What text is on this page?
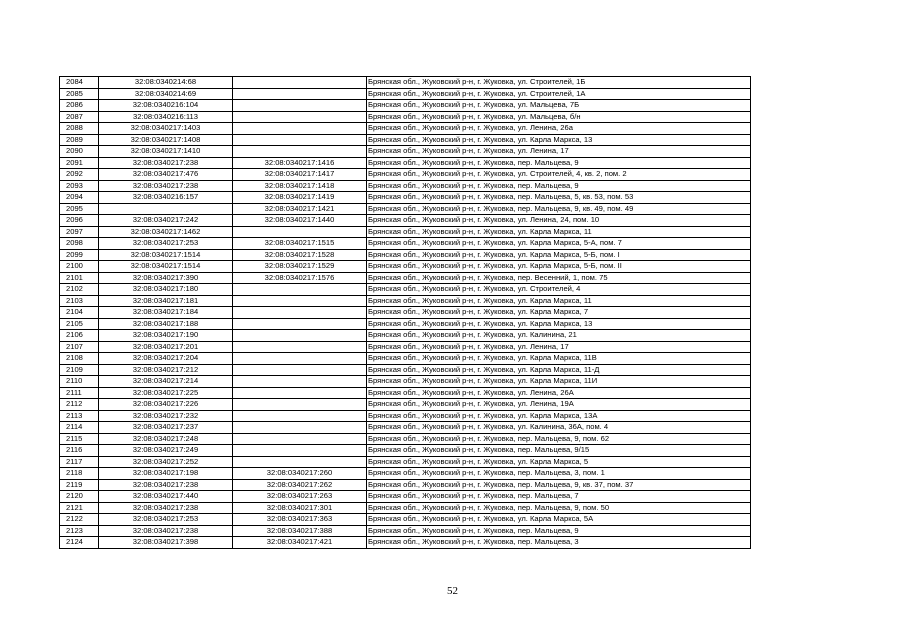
2084	32:08:0340214:68		Брянская обл., Жуковский р-н, г. Жуковка, ул. Строителей, 1Б
2085	32:08:0340214:69		Брянская обл., Жуковский р-н, г. Жуковка, ул. Строителей, 1А
2086	32:08:0340216:104		Брянская обл., Жуковский р-н, г. Жуковка, ул. Мальцева, 7Б
2087	32:08:0340216:113		Брянская обл., Жуковский р-н, г. Жуковка, ул. Мальцева, б/н
2088	32:08:0340217:1403		Брянская обл., Жуковский р-н, г. Жуковка, ул. Ленина, 26а
2089	32:08:0340217:1408		Брянская обл., Жуковский р-н, г. Жуковка, ул. Карла Маркса, 13
2090	32:08:0340217:1410		Брянская обл., Жуковский р-н, г. Жуковка, ул. Ленина, 17
2091	32:08:0340217:238	32:08:0340217:1416	Брянская обл., Жуковский р-н, г. Жуковка, пер. Мальцева, 9
2092	32:08:0340217:476	32:08:0340217:1417	Брянская обл., Жуковский р-н, г. Жуковка, ул. Строителей, 4, кв. 2, пом. 2
2093	32:08:0340217:238	32:08:0340217:1418	Брянская обл., Жуковский р-н, г. Жуковка, пер. Мальцева, 9
2094	32:08:0340216:157	32:08:0340217:1419	Брянская обл., Жуковский р-н, г. Жуковка, пер. Мальцева, 5, кв. 53, пом. 53
2095		32:08:0340217:1421	Брянская обл., Жуковский р-н, г. Жуковка, пер. Мальцева, 9, кв. 49, пом. 49
2096	32:08:0340217:242	32:08:0340217:1440	Брянская обл., Жуковский р-н, г. Жуковка, ул. Ленина, 24, пом. 10
2097	32:08:0340217:1462		Брянская обл., Жуковский р-н, г. Жуковка, ул. Карла Маркса, 11
2098	32:08:0340217:253	32:08:0340217:1515	Брянская обл., Жуковский р-н, г. Жуковка, ул. Карла Маркса, 5-А, пом. 7
2099	32:08:0340217:1514	32:08:0340217:1528	Брянская обл., Жуковский р-н, г. Жуковка, ул. Карла Маркса, 5-Б, пом. I
2100	32:08:0340217:1514	32:08:0340217:1529	Брянская обл., Жуковский р-н, г. Жуковка, ул. Карла Маркса, 5-Б, пом. II
2101	32:08:0340217:390	32:08:0340217:1576	Брянская обл., Жуковский р-н, г. Жуковка, пер. Весенний, 1, пом. 75
2102	32:08:0340217:180		Брянская обл., Жуковский р-н, г. Жуковка, ул. Строителей, 4
2103	32:08:0340217:181		Брянская обл., Жуковский р-н, г. Жуковка, ул. Карла Маркса, 11
2104	32:08:0340217:184		Брянская обл., Жуковский р-н, г. Жуковка, ул. Карла Маркса, 7
2105	32:08:0340217:188		Брянская обл., Жуковский р-н, г. Жуковка, ул. Карла Маркса, 13
2106	32:08:0340217:190		Брянская обл., Жуковский р-н, г. Жуковка, ул. Калинина, 21
2107	32:08:0340217:201		Брянская обл., Жуковский р-н, г. Жуковка, ул. Ленина, 17
2108	32:08:0340217:204		Брянская обл., Жуковский р-н, г. Жуковка, ул. Карла Маркса, 11В
2109	32:08:0340217:212		Брянская обл., Жуковский р-н, г. Жуковка, ул. Карла Маркса, 11-Д
2110	32:08:0340217:214		Брянская обл., Жуковский р-н, г. Жуковка, ул. Карла Маркса, 11И
2111	32:08:0340217:225		Брянская обл., Жуковский р-н, г. Жуковка, ул. Ленина, 26А
2112	32:08:0340217:226		Брянская обл., Жуковский р-н, г. Жуковка, ул. Ленина, 19А
2113	32:08:0340217:232		Брянская обл., Жуковский р-н, г. Жуковка, ул. Карла Маркса, 13А
2114	32:08:0340217:237		Брянская обл., Жуковский р-н, г. Жуковка, ул. Калинина, 36А, пом. 4
2115	32:08:0340217:248		Брянская обл., Жуковский р-н, г. Жуковка, пер. Мальцева, 9, пом. 62
2116	32:08:0340217:249		Брянская обл., Жуковский р-н, г. Жуковка, пер. Мальцева, 9/15
2117	32:08:0340217:252		Брянская обл., Жуковский р-н, г. Жуковка, ул. Карла Маркса, 5
2118	32:08:0340217:198	32:08:0340217:260	Брянская обл., Жуковский р-н, г. Жуковка, пер. Мальцева, 3, пом. 1
2119	32:08:0340217:238	32:08:0340217:262	Брянская обл., Жуковский р-н, г. Жуковка, пер. Мальцева, 9, кв. 37, пом. 37
2120	32:08:0340217:440	32:08:0340217:263	Брянская обл., Жуковский р-н, г. Жуковка, пер. Мальцева, 7
2121	32:08:0340217:238	32:08:0340217:301	Брянская обл., Жуковский р-н, г. Жуковка, пер. Мальцева, 9, пом. 50
2122	32:08:0340217:253	32:08:0340217:363	Брянская обл., Жуковский р-н, г. Жуковка, ул. Карла Маркса, 5А
2123	32:08:0340217:238	32:08:0340217:388	Брянская обл., Жуковский р-н, г. Жуковка, пер. Мальцева, 9
2124	32:08:0340217:398	32:08:0340217:421	Брянская обл., Жуковский р-н, г. Жуковка, пер. Мальцева, 3
52
